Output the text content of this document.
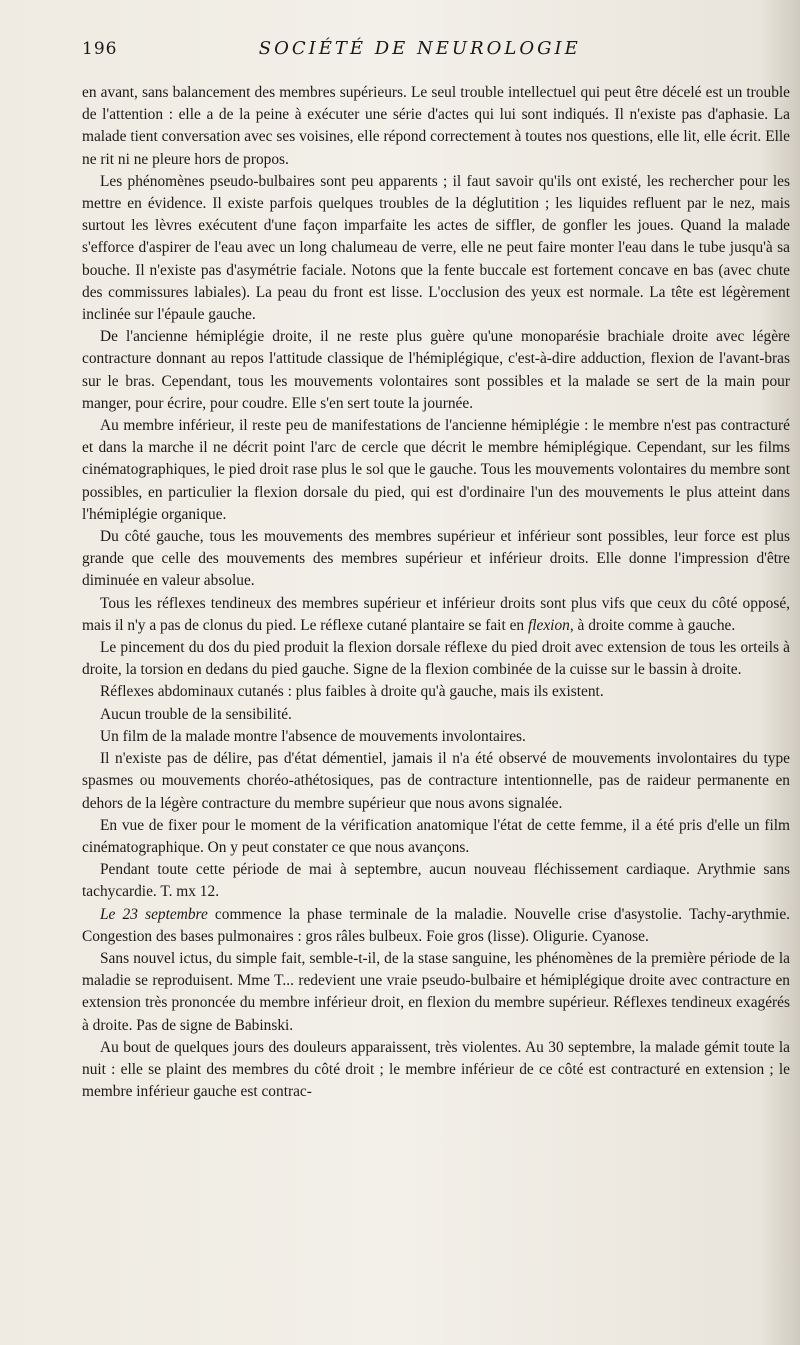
196	SOCIÉTÉ DE NEUROLOGIE

en avant, sans balancement des membres supérieurs. Le seul trouble intellectuel qui peut être décelé est un trouble de l'attention : elle a de la peine à exécuter une série d'actes qui lui sont indiqués. Il n'existe pas d'aphasie. La malade tient conversation avec ses voisines, elle répond correctement à toutes nos questions, elle lit, elle écrit. Elle ne rit ni ne pleure hors de propos.

Les phénomènes pseudo-bulbaires sont peu apparents ; il faut savoir qu'ils ont existé, les rechercher pour les mettre en évidence. Il existe parfois quelques troubles de la déglutition ; les liquides refluent par le nez, mais surtout les lèvres exécutent d'une façon imparfaite les actes de siffler, de gonfler les joues. Quand la malade s'efforce d'aspirer de l'eau avec un long chalumeau de verre, elle ne peut faire monter l'eau dans le tube jusqu'à sa bouche. Il n'existe pas d'asymétrie faciale. Notons que la fente buccale est fortement concave en bas (avec chute des commissures labiales). La peau du front est lisse. L'occlusion des yeux est normale. La tête est légèrement inclinée sur l'épaule gauche.

De l'ancienne hémiplégie droite, il ne reste plus guère qu'une monoparésie brachiale droite avec légère contracture donnant au repos l'attitude classique de l'hémiplégique, c'est-à-dire adduction, flexion de l'avant-bras sur le bras. Cependant, tous les mouvements volontaires sont possibles et la malade se sert de la main pour manger, pour écrire, pour coudre. Elle s'en sert toute la journée.

Au membre inférieur, il reste peu de manifestations de l'ancienne hémiplégie : le membre n'est pas contracturé et dans la marche il ne décrit point l'arc de cercle que décrit le membre hémiplégique. Cependant, sur les films cinématographiques, le pied droit rase plus le sol que le gauche. Tous les mouvements volontaires du membre sont possibles, en particulier la flexion dorsale du pied, qui est d'ordinaire l'un des mouvements le plus atteint dans l'hémiplégie organique.

Du côté gauche, tous les mouvements des membres supérieur et inférieur sont possibles, leur force est plus grande que celle des mouvements des membres supérieur et inférieur droits. Elle donne l'impression d'être diminuée en valeur absolue.

Tous les réflexes tendineux des membres supérieur et inférieur droits sont plus vifs que ceux du côté opposé, mais il n'y a pas de clonus du pied. Le réflexe cutané plantaire se fait en flexion, à droite comme à gauche.

Le pincement du dos du pied produit la flexion dorsale réflexe du pied droit avec extension de tous les orteils à droite, la torsion en dedans du pied gauche. Signe de la flexion combinée de la cuisse sur le bassin à droite.

Réflexes abdominaux cutanés : plus faibles à droite qu'à gauche, mais ils existent.

Aucun trouble de la sensibilité.

Un film de la malade montre l'absence de mouvements involontaires.

Il n'existe pas de délire, pas d'état démentiel, jamais il n'a été observé de mouvements involontaires du type spasmes ou mouvements choréo-athétosiques, pas de contracture intentionnelle, pas de raideur permanente en dehors de la légère contracture du membre supérieur que nous avons signalée.

En vue de fixer pour le moment de la vérification anatomique l'état de cette femme, il a été pris d'elle un film cinématographique. On y peut constater ce que nous avançons.

Pendant toute cette période de mai à septembre, aucun nouveau fléchissement cardiaque. Arythmie sans tachycardie. T. mx 12.

Le 23 septembre commence la phase terminale de la maladie. Nouvelle crise d'asystolie. Tachy-arythmie. Congestion des bases pulmonaires : gros râles bulbeux. Foie gros (lisse). Oligurie. Cyanose.

Sans nouvel ictus, du simple fait, semble-t-il, de la stase sanguine, les phénomènes de la première période de la maladie se reproduisent. Mme T... redevient une vraie pseudo-bulbaire et hémiplégique droite avec contracture en extension très prononcée du membre inférieur droit, en flexion du membre supérieur. Réflexes tendineux exagérés à droite. Pas de signe de Babinski.

Au bout de quelques jours des douleurs apparaissent, très violentes. Au 30 septembre, la malade gémit toute la nuit : elle se plaint des membres du côté droit ; le membre inférieur de ce côté est contracturé en extension ; le membre inférieur gauche est contrac-
